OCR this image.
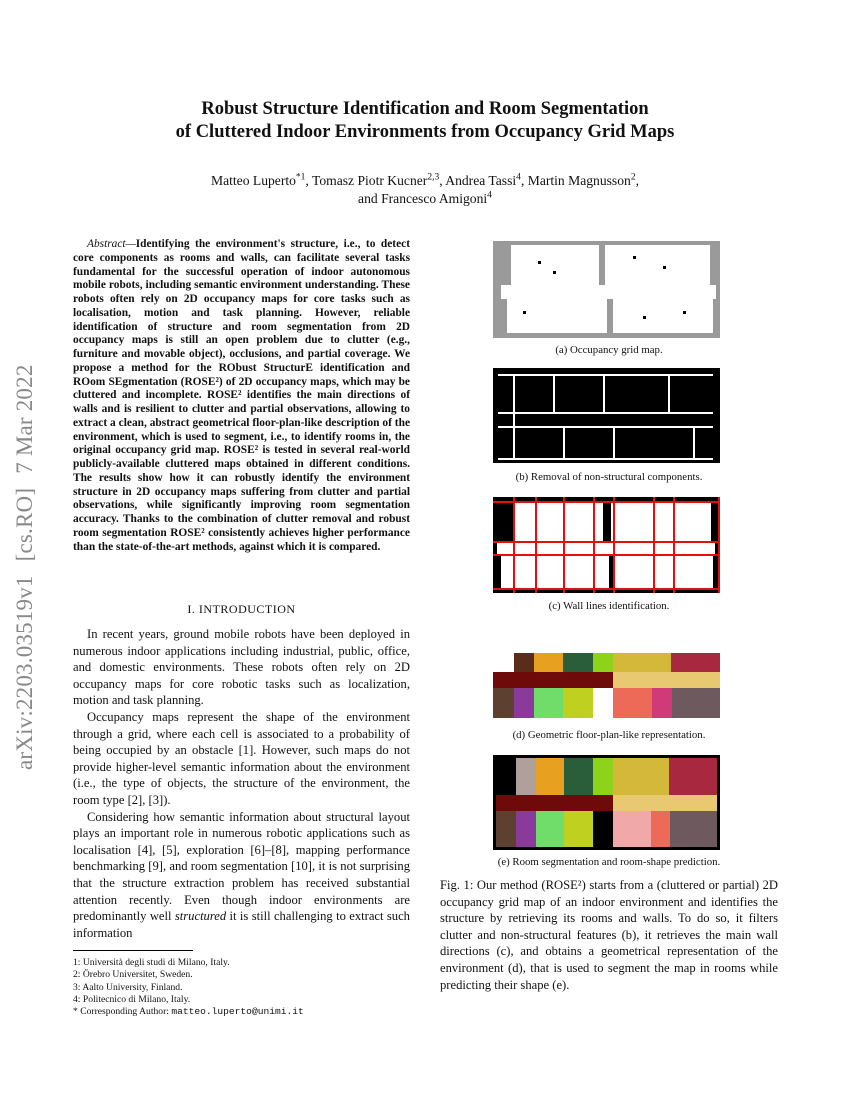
Robust Structure Identification and Room Segmentation
of Cluttered Indoor Environments from Occupancy Grid Maps
Matteo Luperto$^{*1}$, Tomasz Piotr Kucner$^{2,3}$, Andrea Tassi$^4$, Martin Magnusson$^2$,
and Francesco Amigoni$^4$
arXiv:2203.03519v1[cs.RO]7 Mar 2022
Abstract—Identifying the environment's structure, i.e., to detect core components as rooms and walls, can facilitate several tasks fundamental for the successful operation of indoor autonomous mobile robots, including semantic environment understanding. These robots often rely on 2D occupancy maps for core tasks such as localisation, motion and task planning. However, reliable identification of structure and room segmentation from 2D occupancy maps is still an open problem due to clutter (e.g., furniture and movable object), occlusions, and partial coverage. We propose a method for the RObust StructurE identification and ROom SEgmentation (ROSE²) of 2D occupancy maps, which may be cluttered and incomplete. ROSE² identifies the main directions of walls and is resilient to clutter and partial observations, allowing to extract a clean, abstract geometrical floor-plan-like description of the environment, which is used to segment, i.e., to identify rooms in, the original occupancy grid map. ROSE² is tested in several real-world publicly-available cluttered maps obtained in different conditions. The results show how it can robustly identify the environment structure in 2D occupancy maps suffering from clutter and partial observations, while significantly improving room segmentation accuracy. Thanks to the combination of clutter removal and robust room segmentation ROSE² consistently achieves higher performance than the state-of-the-art methods, against which it is compared.
I. INTRODUCTION

In recent years, ground mobile robots have been deployed in numerous indoor applications including industrial, public, office, and domestic environments. These robots often rely on 2D occupancy maps for core robotic tasks such as localization, motion and task planning.

Occupancy maps represent the shape of the environment through a grid, where each cell is associated to a probability of being occupied by an obstacle [1]. However, such maps do not provide higher-level semantic information about the environment (i.e., the type of objects, the structure of the environment, the room type [2], [3]).

Considering how semantic information about structural layout plays an important role in numerous robotic applications such as localisation [4], [5], exploration [6]–[8], mapping performance benchmarking [9], and room segmentation [10], it is not surprising that the structure extraction problem has received substantial attention recently. Even though indoor environments are predominantly well structured it is still challenging to extract such information

1: Università degli studi di Milano, Italy.
2: Örebro Universitet, Sweden.
3: Aalto University, Finland.
4: Politecnico di Milano, Italy.
* Corresponding Author: matteo.luperto@unimi.it
(a) Occupancy grid map.
(b) Removal of non-structural components.
(c) Wall lines identification.
(d) Geometric floor-plan-like representation.
(e) Room segmentation and room-shape prediction.
Fig. 1: Our method (ROSE²) starts from a (cluttered or partial) 2D occupancy grid map of an indoor environment and identifies the structure by retrieving its rooms and walls. To do so, it filters clutter and non-structural features (b), it retrieves the main wall directions (c), and obtains a geometrical representation of the environment (d), that is used to segment the map in rooms while predicting their shape (e).
